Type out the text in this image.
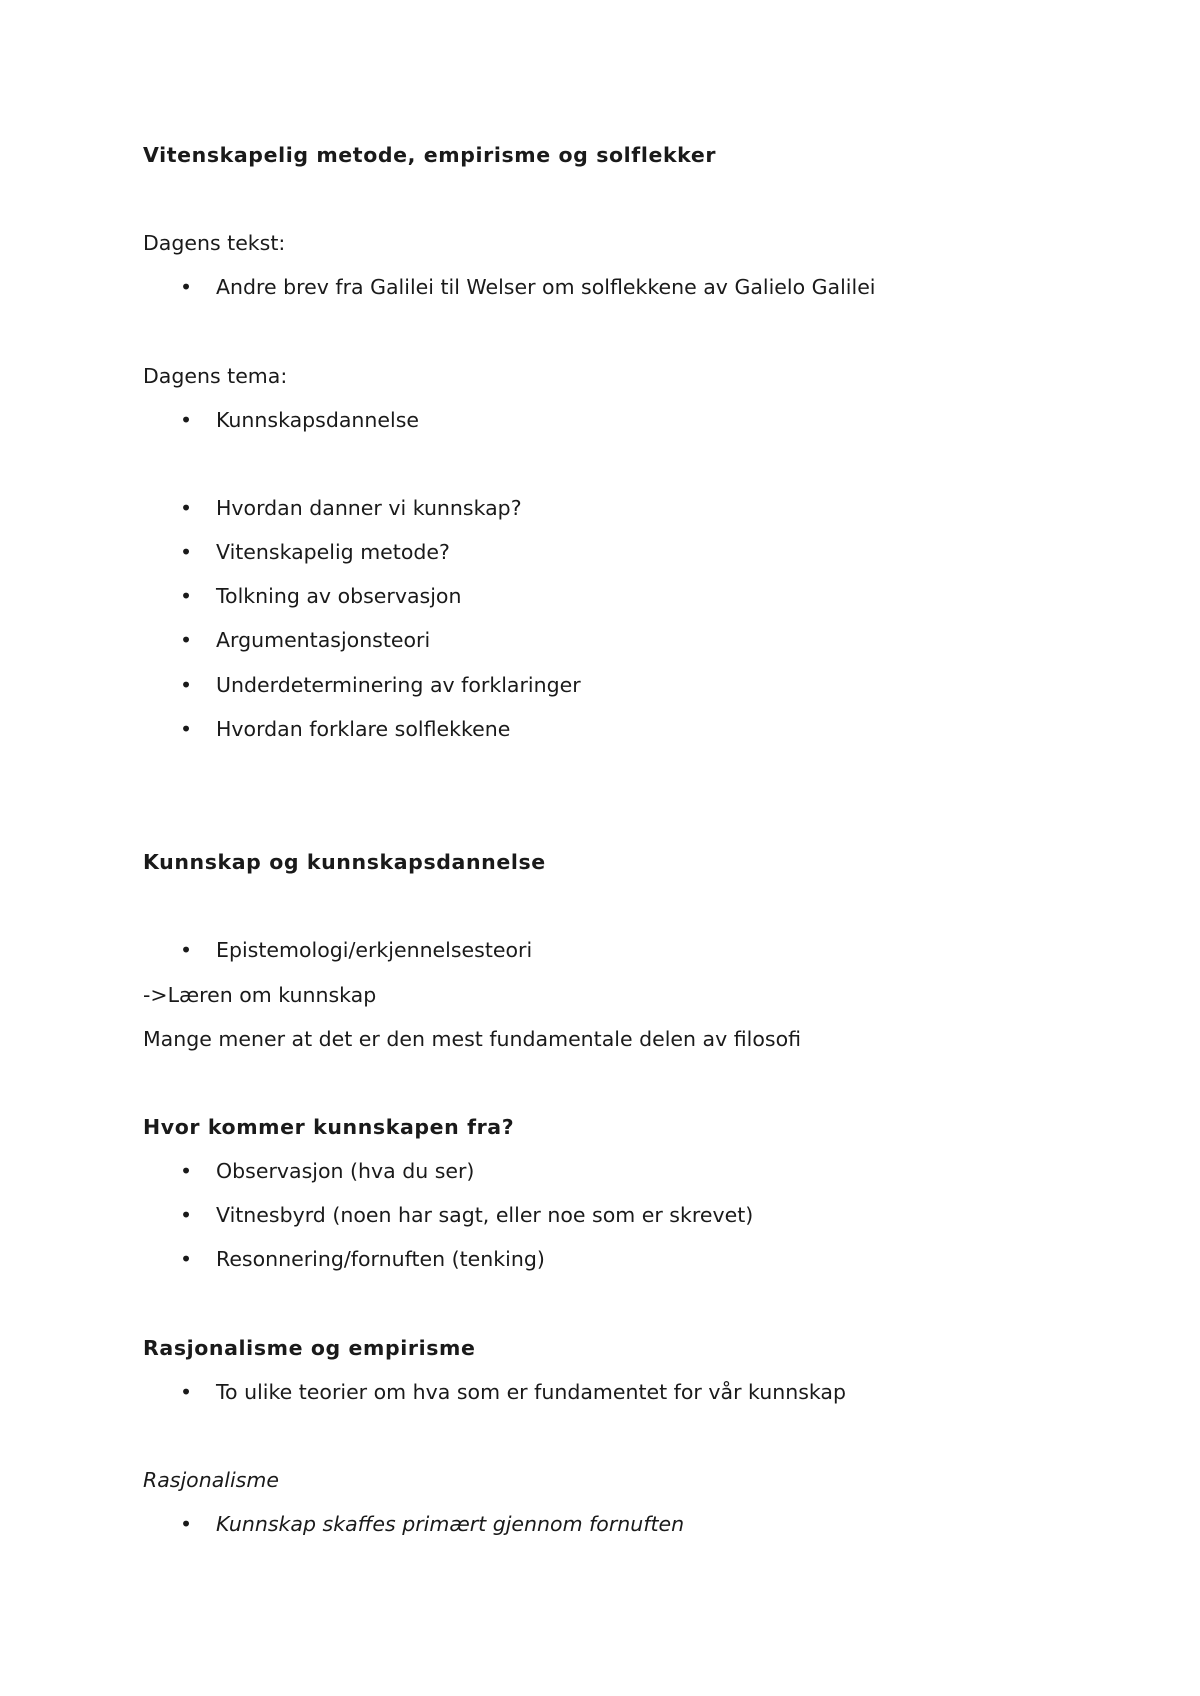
Vitenskapelig metode, empirisme og solflekker
Dagens tekst:
• Andre brev fra Galilei til Welser om solflekkene av Galielo Galilei
Dagens tema:
• Kunnskapsdannelse
• Hvordan danner vi kunnskap?
• Vitenskapelig metode?
• Tolkning av observasjon
• Argumentasjonsteori
• Underdeterminering av forklaringer
• Hvordan forklare solflekkene
Kunnskap og kunnskapsdannelse
• Epistemologi/erkjennelsesteori
->Læren om kunnskap
Mange mener at det er den mest fundamentale delen av filosofi
Hvor kommer kunnskapen fra?
• Observasjon (hva du ser)
• Vitnesbyrd (noen har sagt, eller noe som er skrevet)
• Resonnering/fornuften (tenking)
Rasjonalisme og empirisme
• To ulike teorier om hva som er fundamentet for vår kunnskap
Rasjonalisme
• Kunnskap skaffes primært gjennom fornuften
